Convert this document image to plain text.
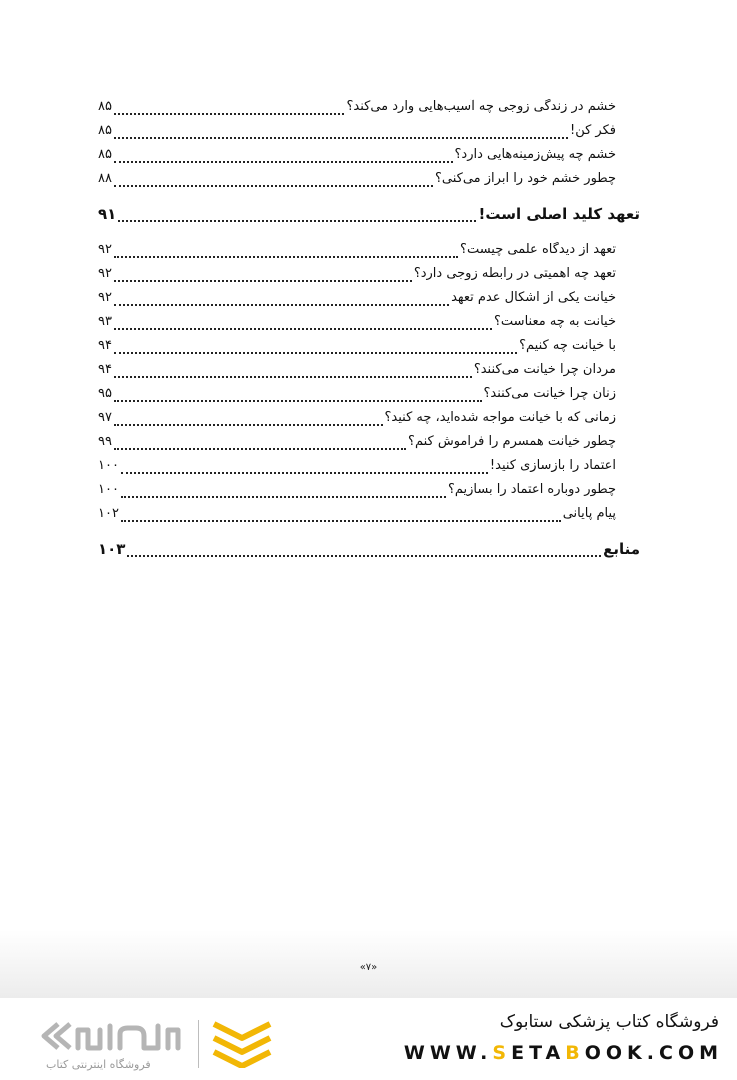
خشم در زندگی زوجی چه آسیب‌هایی وارد می‌کند؟
۸۵
فکر کن!
۸۵
خشم چه پیش‌زمینه‌هایی دارد؟
۸۵
چطور خشم خود را ابراز می‌کنی؟
۸۸
تعهد کلید اصلی است!
۹۱
تعهد از دیدگاه علمی چیست؟
۹۲
تعهد چه اهمیتی در رابطه زوجی دارد؟
۹۲
خیانت یکی از اشکال عدم تعهد
۹۲
خیانت به چه معناست؟
۹۳
با خیانت چه کنیم؟
۹۴
مردان چرا خیانت می‌کنند؟
۹۴
زنان چرا خیانت می‌کنند؟
۹۵
زمانی که با خیانت مواجه شده‌اید، چه کنید؟
۹۷
چطور خیانت همسرم را فراموش کنم؟
۹۹
اعتماد را بازسازی کنید!
۱۰۰
چطور دوباره اعتماد را بسازیم؟
۱۰۰
پیام پایانی
۱۰۲
منابع
۱۰۳
«۷»
فروشگاه اینترنتی کتاب
فروشگاه کتاب پزشکی ستابوک
WWW.SETABOOK.COM
